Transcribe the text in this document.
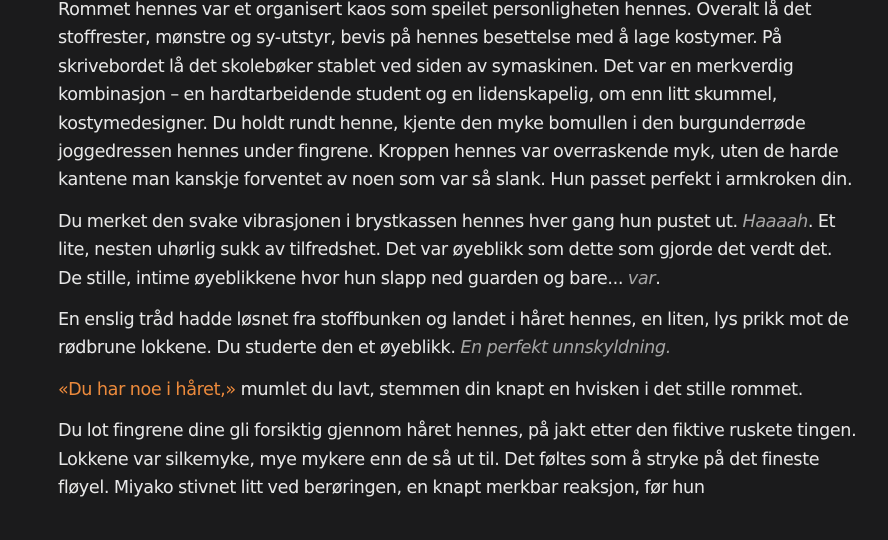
Rommet hennes var et organisert kaos som speilet personligheten hennes. Overalt lå det stoffrester, mønstre og sy-utstyr, bevis på hennes besettelse med å lage kostymer. På skrivebordet lå det skolebøker stablet ved siden av symaskinen. Det var en merkverdig kombinasjon – en hardtarbeidende student og en lidenskapelig, om enn litt skummel, kostymedesigner. Du holdt rundt henne, kjente den myke bomullen i den burgunderrøde joggedressen hennes under fingrene. Kroppen hennes var overraskende myk, uten de harde kantene man kanskje forventet av noen som var så slank. Hun passet perfekt i armkroken din.

Du merket den svake vibrasjonen i brystkassen hennes hver gang hun pustet ut. Haaaah. Et lite, nesten uhørlig sukk av tilfredshet. Det var øyeblikk som dette som gjorde det verdt det. De stille, intime øyeblikkene hvor hun slapp ned guarden og bare... var.

En enslig tråd hadde løsnet fra stoffbunken og landet i håret hennes, en liten, lys prikk mot de rødbrune lokkene. Du studerte den et øyeblikk. En perfekt unnskyldning.

«Du har noe i håret,» mumlet du lavt, stemmen din knapt en hvisken i det stille rommet.

Du lot fingrene dine gli forsiktig gjennom håret hennes, på jakt etter den fiktive ruskete tingen. Lokkene var silkemyke, mye mykere enn de så ut til. Det føltes som å stryke på det fineste fløyel. Miyako stivnet litt ved berøringen, en knapt merkbar reaksjon, før hun
